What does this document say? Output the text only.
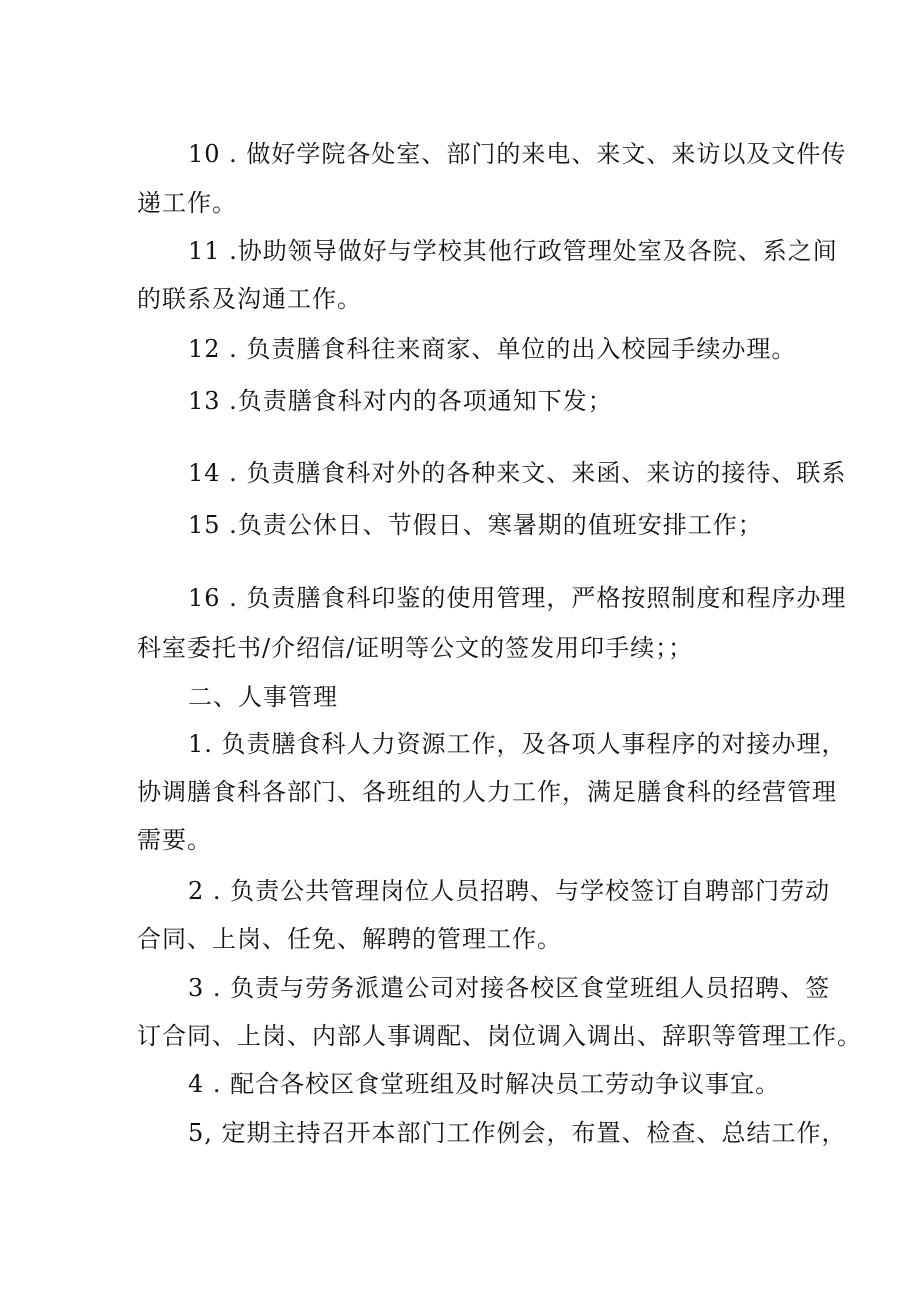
10 . 做好学院各处室、部门的来电、来文、来访以及文件传
递工作。
11 .协助领导做好与学校其他行政管理处室及各院、系之间
的联系及沟通工作。
12 . 负责膳食科往来商家、单位的出入校园手续办理。
13 .负责膳食科对内的各项通知下发；
14 . 负责膳食科对外的各种来文、来函、来访的接待、联系
15 .负责公休日、节假日、寒暑期的值班安排工作；
16 . 负责膳食科印鉴的使用管理，严格按照制度和程序办理
科室委托书/介绍信/证明等公文的签发用印手续；；
二、人事管理
1. 负责膳食科人力资源工作，及各项人事程序的对接办理，
协调膳食科各部门、各班组的人力工作，满足膳食科的经营管理
需要。
2 . 负责公共管理岗位人员招聘、与学校签订自聘部门劳动
合同、上岗、任免、解聘的管理工作。
3 . 负责与劳务派遣公司对接各校区食堂班组人员招聘、签
订合同、上岗、内部人事调配、岗位调入调出、辞职等管理工作。
4 . 配合各校区食堂班组及时解决员工劳动争议事宜。
5, 定期主持召开本部门工作例会，布置、检查、总结工作，
